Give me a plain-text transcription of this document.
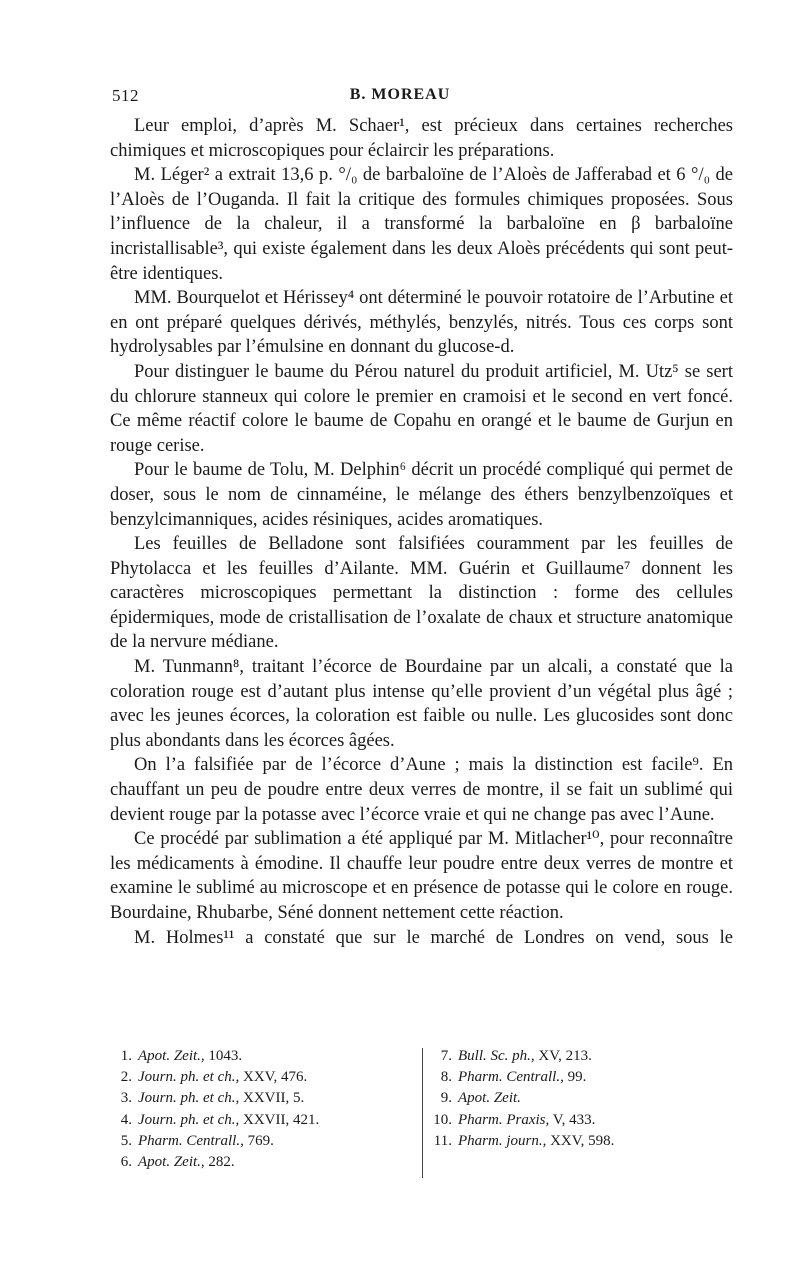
512	B. MOREAU

Leur emploi, d’après M. Schaer¹, est précieux dans certaines recherches chimiques et microscopiques pour éclaircir les préparations.

M. Léger² a extrait 13,6 p. °/₀ de barbaloïne de l’Aloès de Jafferabad et 6 °/₀ de l’Aloès de l’Ouganda. Il fait la critique des formules chimiques proposées. Sous l’influence de la chaleur, il a transformé la barbaloïne en β barbaloïne incristallisable³, qui existe également dans les deux Aloès précédents qui sont peut-être identiques.

MM. Bourquelot et Hérissey⁴ ont déterminé le pouvoir rotatoire de l’Arbutine et en ont préparé quelques dérivés, méthylés, benzylés, nitrés. Tous ces corps sont hydrolysables par l’émulsine en donnant du glucose-d.

Pour distinguer le baume du Pérou naturel du produit artificiel, M. Utz⁵ se sert du chlorure stanneux qui colore le premier en cramoisi et le second en vert foncé. Ce même réactif colore le baume de Copahu en orangé et le baume de Gurjun en rouge cerise.

Pour le baume de Tolu, M. Delphin⁶ décrit un procédé compliqué qui permet de doser, sous le nom de cinnaméine, le mélange des éthers benzylbenzoïques et benzylcimanniques, acides résiniques, acides aromatiques.

Les feuilles de Belladone sont falsifiées couramment par les feuilles de Phytolacca et les feuilles d’Ailante. MM. Guérin et Guillaume⁷ donnent les caractères microscopiques permettant la distinction : forme des cellules épidermiques, mode de cristallisation de l’oxalate de chaux et structure anatomique de la nervure médiane.

M. Tunmann⁸, traitant l’écorce de Bourdaine par un alcali, a constaté que la coloration rouge est d’autant plus intense qu’elle provient d’un végétal plus âgé ; avec les jeunes écorces, la coloration est faible ou nulle. Les glucosides sont donc plus abondants dans les écorces âgées.

On l’a falsifiée par de l’écorce d’Aune ; mais la distinction est facile⁹. En chauffant un peu de poudre entre deux verres de montre, il se fait un sublimé qui devient rouge par la potasse avec l’écorce vraie et qui ne change pas avec l’Aune.

Ce procédé par sublimation a été appliqué par M. Mitlacher¹⁰, pour reconnaître les médicaments à émodine. Il chauffe leur poudre entre deux verres de montre et examine le sublimé au microscope et en présence de potasse qui le colore en rouge. Bourdaine, Rhubarbe, Séné donnent nettement cette réaction.

M. Holmes¹¹ a constaté que sur le marché de Londres on vend, sous le

1. Apot. Zeit., 1043.
2. Journ. ph. et ch., XXV, 476.
3. Journ. ph. et ch., XXVII, 5.
4. Journ. ph. et ch., XXVII, 421.
5. Pharm. Centrall., 769.
6. Apot. Zeit., 282.
7. Bull. Sc. ph., XV, 213.
8. Pharm. Centrall., 99.
9. Apot. Zeit.
10. Pharm. Praxis, V, 433.
11. Pharm. journ., XXV, 598.
